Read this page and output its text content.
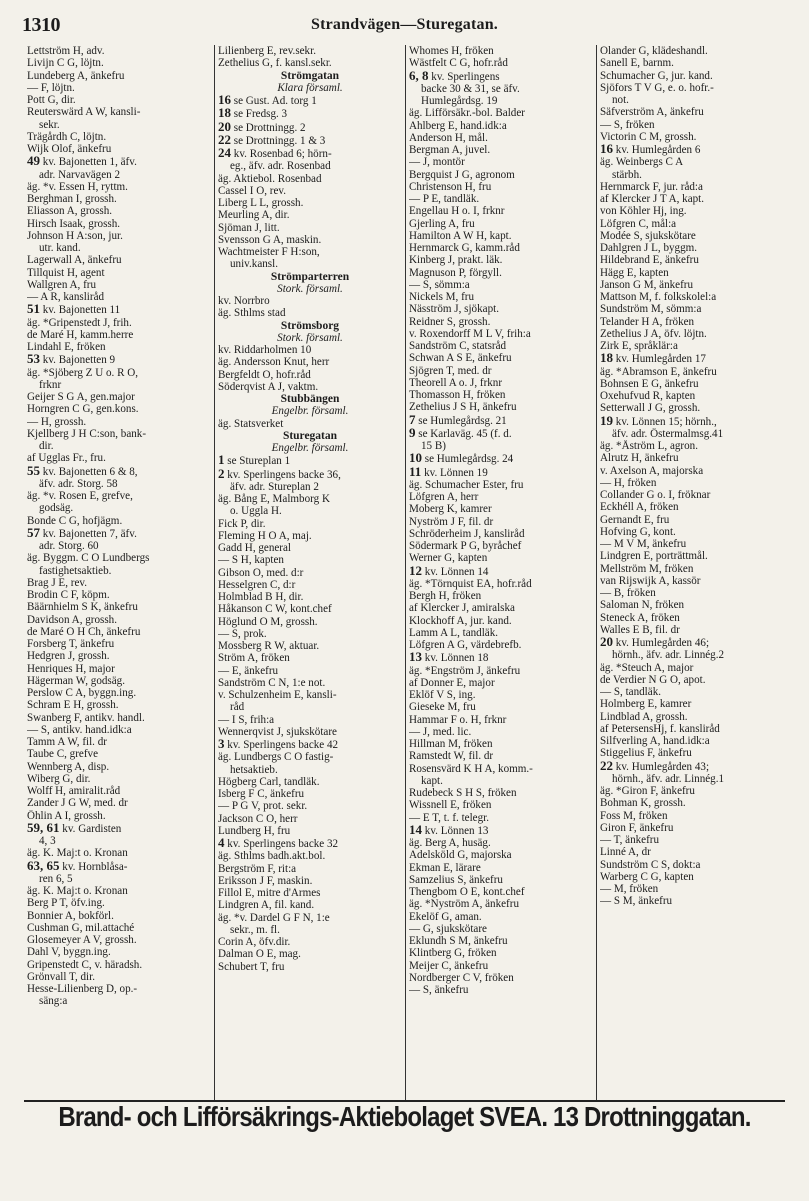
1310	Strandvägen—Sturegatan.
Lettström H, adv.
Livijn C G, löjtn.
Lundeberg A, änkefru
— F, löjtn.
Pott G, dir.
Reuterswärd A W, kansli-
sekr.
Trägårdh C, löjtn.
Wijk Olof, änkefru
49 kv. Bajonetten 1, äfv.
adr. Narvavägen 2
äg. *v. Essen H, ryttm.
Berghman I, grossh.
Eliasson A, grossh.
Hirsch Isaak, grossh.
Johnson H A:son, jur.
utr. kand.
Lagerwall A, änkefru
Tillquist H, agent
Wallgren A, fru
— A R, kansliråd
51 kv. Bajonetten 11
äg. *Gripenstedt J, frih.
de Maré H, kamm.herre
Lindahl E, fröken
53 kv. Bajonetten 9
äg. *Sjöberg Z U o. R O,
frknr
Geijer S G A, gen.major
Horngren C G, gen.kons.
— H, grossh.
Kjellberg J H C:son, bank-
dir.
af Ugglas Fr., fru.
55 kv. Bajonetten 6 & 8,
äfv. adr. Storg. 58
äg. *v. Rosen E, grefve,
godsäg.
Bonde C G, hofjägm.
57 kv. Bajonetten 7, äfv.
adr. Storg. 60
äg. Byggm. C O Lundbergs
fastighetsaktieb.
Brag J E, rev.
Brodin C F, köpm.
Bäärnhielm S K, änkefru
Davidson A, grossh.
de Maré O H Ch, änkefru
Forsberg T, änkefru
Hedgren J, grossh.
Henriques H, major
Hägerman W, godsäg.
Perslow C A, byggn.ing.
Schram E H, grossh.
Swanberg F, antikv. handl.
— S, antikv. hand.idk:a
Tamm A W, fil. dr
Taube C, grefve
Wennberg A, disp.
Wiberg G, dir.
Wolff H, amiralit.råd
Zander J G W, med. dr
Öhlin A I, grossh.
59, 61 kv. Gardisten
4, 3
äg. K. Maj:t o. Kronan
63, 65 kv. Hornblåsa-
ren 6, 5
äg. K. Maj:t o. Kronan
Berg P T, öfv.ing.
Bonnier A, bokförl.
Cushman G, mil.attaché
Glosemeyer A V, grossh.
Dahl V, byggn.ing.
Gripenstedt C, v. häradsh.
Grönvall T, dir.
Hesse-Lilienberg D, op.-
säng:a
Lilienberg E, rev.sekr.
Zethelius G, f. kansl.sekr.
Strömgatan
Klara församl.
16 se Gust. Ad. torg 1
18 se Fredsg. 3
20 se Drottningg. 2
22 se Drottningg. 1 & 3
24 kv. Rosenbad 6; hörn-
eg., äfv. adr. Rosenbad
äg. Aktiebol. Rosenbad
Cassel I O, rev.
Liberg L L, grossh.
Meurling A, dir.
Sjöman J, litt.
Svensson G A, maskin.
Wachtmeister F H:son,
univ.kansl.
Strömparterren
Stork. församl.
kv. Norrbro
äg. Sthlms stad
Strömsborg
Stork. församl.
kv. Riddarholmen 10
äg. Andersson Knut, herr
Bergfeldt O, hofr.råd
Söderqvist A J, vaktm.
Stubbängen
Engelbr. församl.
äg. Statsverket
Sturegatan
Engelbr. församl.
1 se Stureplan 1
2 kv. Sperlingens backe 36,
äfv. adr. Stureplan 2
äg. Bång E, Malmborg K
o. Uggla H.
Fick P, dir.
Fleming H O A, maj.
Gadd H, general
— S H, kapten
Gibson O, med. d:r
Hesselgren C, d:r
Holmblad B H, dir.
Håkanson C W, kont.chef
Höglund O M, grossh.
— S, prok.
Mossberg R W, aktuar.
Ström A, fröken
— E, änkefru
Sandström C N, 1:e not.
v. Schulzenheim E, kansli-
råd
— I S, frih:a
Wennerqvist J, sjukskötare
3 kv. Sperlingens backe 42
äg. Lundbergs C O fastig-
hetsaktieb.
Högberg Carl, tandläk.
Isberg F C, änkefru
— P G V, prot. sekr.
Jackson C O, herr
Lundberg H, fru
4 kv. Sperlingens backe 32
äg. Sthlms badh.akt.bol.
Bergström F, rit:a
Eriksson J F, maskin.
Fillol E, mitre d'Armes
Lindgren A, fil. kand.
äg. *v. Dardel G F N, 1:e
sekr., m. fl.
Corin A, öfv.dir.
Dalman O E, mag.
Schubert T, fru
Whomes H, fröken
Wästfelt C G, hofr.råd
6, 8 kv. Sperlingens
backe 30 & 31, se äfv.
Humlegårdsg. 19
äg. Lifförsäkr.-bol. Balder
Ahlberg E, hand.idk:a
Anderson H, mål.
Bergman A, juvel.
— J, montör
Bergquist J G, agronom
Christenson H, fru
— P E, tandläk.
Engellau H o. I, frknr
Gjerling A, fru
Hamilton A W H, kapt.
Hernmarck G, kamm.råd
Kinberg J, prakt. läk.
Magnuson P, förgyll.
— S, sömm:a
Nickels M, fru
Näsström J, sjökapt.
Reidner S, grossh.
v. Roxendorff M L V, frih:a
Sandström C, statsråd
Schwan A S E, änkefru
Sjögren T, med. dr
Theorell A o. J, frknr
Thomasson H, fröken
Zethelius J S H, änkefru
7 se Humlegårdsg. 21
9 se Karlaväg. 45 (f. d.
15 B)
10 se Humlegårdsg. 24
11 kv. Lönnen 19
äg. Schumacher Ester, fru
Löfgren A, herr
Moberg K, kamrer
Nyström J F, fil. dr
Schröderheim J, kansliråd
Södermark P G, byråchef
Werner G, kapten
12 kv. Lönnen 14
äg. *Törnquist EA, hofr.råd
Bergh H, fröken
af Klercker J, amiralska
Klockhoff A, jur. kand.
Lamm A L, tandläk.
Löfgren A G, värdebrefb.
13 kv. Lönnen 18
äg. *Engström J, änkefru
af Donner E, major
Eklöf V S, ing.
Gieseke M, fru
Hammar F o. H, frknr
— J, med. lic.
Hillman M, fröken
Ramstedt W, fil. dr
Rosensvärd K H A, komm.-
kapt.
Rudebeck S H S, fröken
Wissnell E, fröken
— E T, t. f. telegr.
14 kv. Lönnen 13
äg. Berg A, husäg.
Adelsköld G, majorska
Ekman E, lärare
Samzelius S, änkefru
Thengbom O E, kont.chef
äg. *Nyström A, änkefru
Ekelöf G, aman.
— G, sjukskötare
Eklundh S M, änkefru
Klintberg G, fröken
Meijer C, änkefru
Nordberger C V, fröken
— S, änkefru
Olander G, klädeshandl.
Sanell E, barnm.
Schumacher G, jur. kand.
Sjöfors T V G, e. o. hofr.-
not.
Säfverström A, änkefru
— S, fröken
Victorin C M, grossh.
16 kv. Humlegården 6
äg. Weinbergs C A
stärbh.
Hernmarck F, jur. råd:a
af Klercker J T A, kapt.
von Köhler Hj, ing.
Löfgren C, mål:a
Modée S, sjukskötare
Dahlgren J L, byggm.
Hildebrand E, änkefru
Hägg E, kapten
Janson G M, änkefru
Mattson M, f. folkskolel:a
Sundström M, sömm:a
Telander H A, fröken
Zethelius J A, öfv. löjtn.
Zirk E, språklär:a
18 kv. Humlegården 17
äg. *Abramson E, änkefru
Bohnsen E G, änkefru
Oxehufvud R, kapten
Setterwall J G, grossh.
19 kv. Lönnen 15; hörnh.,
äfv. adr. Östermalmsg.41
äg. *Åström L, agron.
Alrutz H, änkefru
v. Axelson A, majorska
— H, fröken
Collander G o. I, fröknar
Eckhéll A, fröken
Gernandt E, fru
Hofving G, kont.
— M V M, änkefru
Lindgren E, porträttmål.
Mellström M, fröken
van Rijswijk A, kassör
— B, fröken
Saloman N, fröken
Steneck A, fröken
Walles E B, fil. dr
20 kv. Humlegården 46;
hörnh., äfv. adr. Linnég.2
äg. *Steuch A, major
de Verdier N G O, apot.
— S, tandläk.
Holmberg E, kamrer
Lindblad A, grossh.
af PetersensHj, f. kansliråd
Silfverling A, hand.idk:a
Stiggelius F, änkefru
22 kv. Humlegården 43;
hörnh., äfv. adr. Linnég.1
äg. *Giron F, änkefru
Bohman K, grossh.
Foss M, fröken
Giron F, änkefru
— T, änkefru
Linné A, dr
Sundström C S, dokt:a
Warberg C G, kapten
— M, fröken
— S M, änkefru
Brand- och Lifförsäkrings-Aktiebolaget SVEA. 13 Drottninggatan.
